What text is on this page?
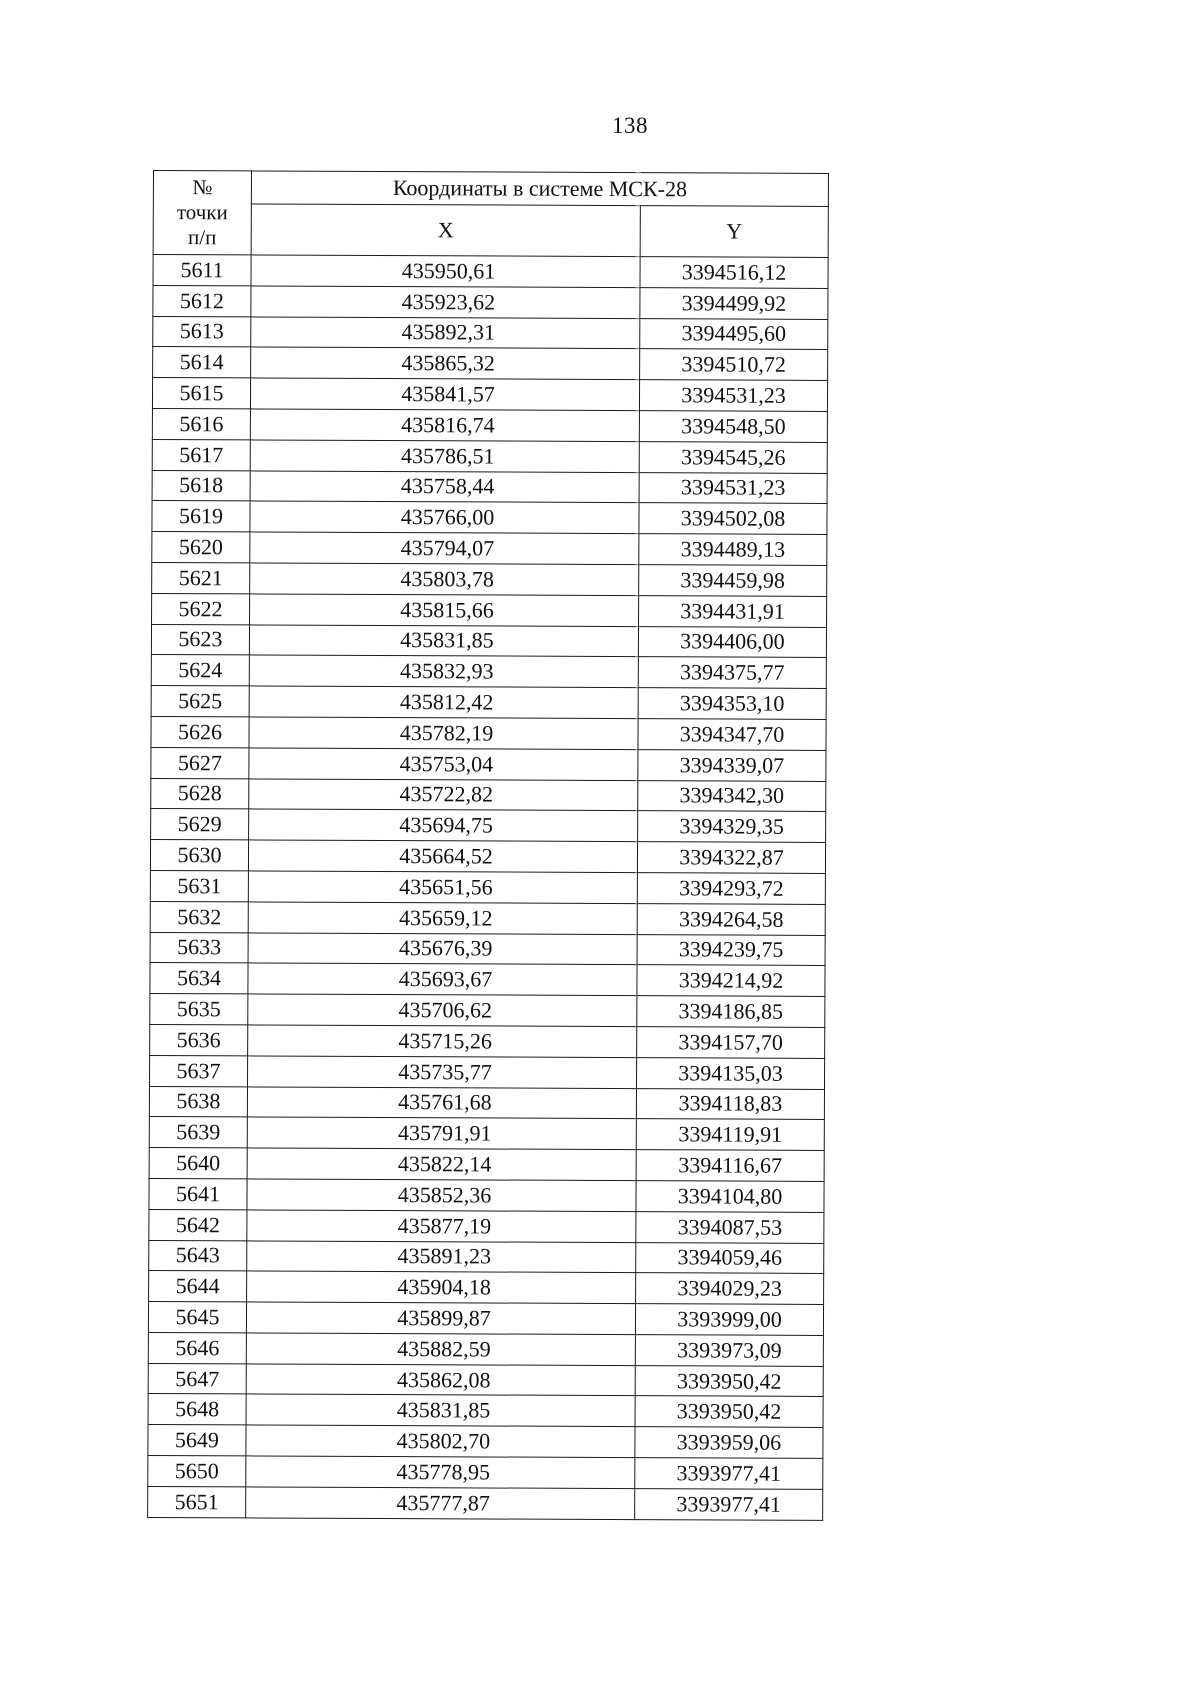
138
№
точки
п/п	Координаты в системе МСК-28	
	X	Y
5611	435950,61	3394516,12
5612	435923,62	3394499,92
5613	435892,31	3394495,60
5614	435865,32	3394510,72
5615	435841,57	3394531,23
5616	435816,74	3394548,50
5617	435786,51	3394545,26
5618	435758,44	3394531,23
5619	435766,00	3394502,08
5620	435794,07	3394489,13
5621	435803,78	3394459,98
5622	435815,66	3394431,91
5623	435831,85	3394406,00
5624	435832,93	3394375,77
5625	435812,42	3394353,10
5626	435782,19	3394347,70
5627	435753,04	3394339,07
5628	435722,82	3394342,30
5629	435694,75	3394329,35
5630	435664,52	3394322,87
5631	435651,56	3394293,72
5632	435659,12	3394264,58
5633	435676,39	3394239,75
5634	435693,67	3394214,92
5635	435706,62	3394186,85
5636	435715,26	3394157,70
5637	435735,77	3394135,03
5638	435761,68	3394118,83
5639	435791,91	3394119,91
5640	435822,14	3394116,67
5641	435852,36	3394104,80
5642	435877,19	3394087,53
5643	435891,23	3394059,46
5644	435904,18	3394029,23
5645	435899,87	3393999,00
5646	435882,59	3393973,09
5647	435862,08	3393950,42
5648	435831,85	3393950,42
5649	435802,70	3393959,06
5650	435778,95	3393977,41
5651	435777,87	3393977,41
